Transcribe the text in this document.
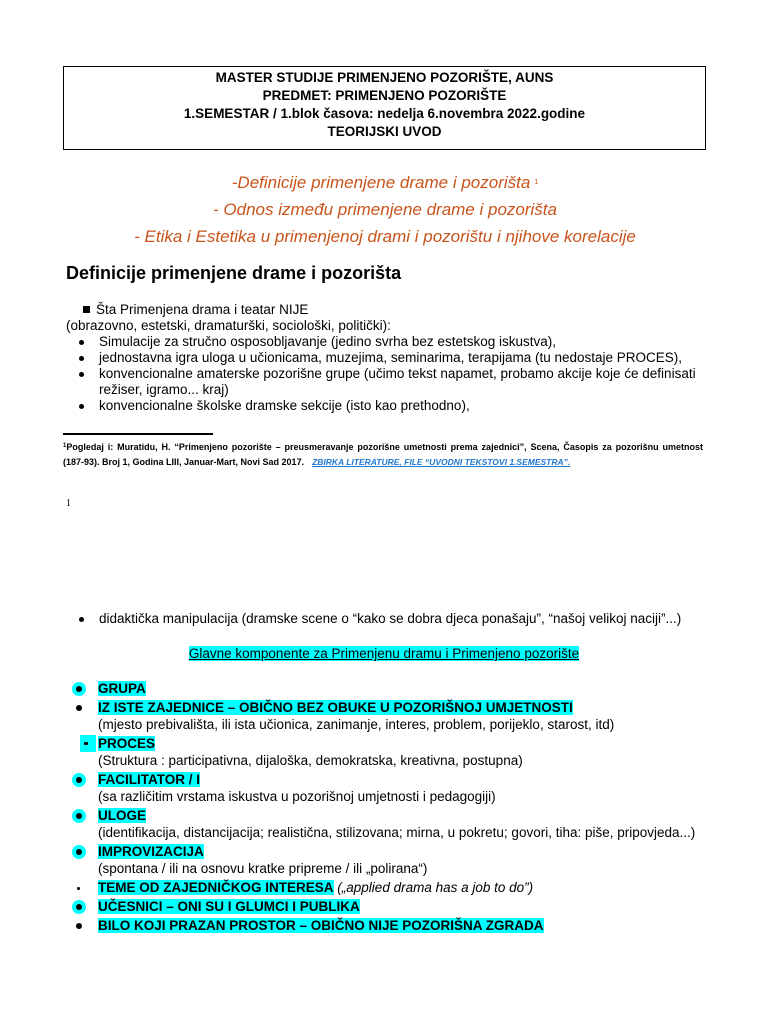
MASTER STUDIJE PRIMENJENO POZORIŠTE, AUNS
PREDMET: PRIMENJENO POZORIŠTE
1.SEMESTAR / 1.blok časova: nedelja 6.novembra 2022.godine
TEORIJSKI UVOD
-Definicije primenjene drame i pozorišta $^1$
- Odnos između primenjene drame i pozorišta
- Etika i Estetika u primenjenoj drami i pozorištu i njihove korelacije
Definicije primenjene drame i pozorišta
Šta Primenjena drama i teatar NIJE
(obrazovno, estetski, dramaturški, sociološki, politički):
Simulacije za stručno osposobljavanje (jedino svrha bez estetskog iskustva),
jednostavna igra uloga u učionicama, muzejima, seminarima, terapijama (tu nedostaje PROCES),
konvencionalne amaterske pozorišne grupe (učimo tekst napamet, probamo akcije koje će definisati režiser, igramo... kraj)
konvencionalne školske dramske sekcije (isto kao prethodno),
$^1$Pogledaj i: Muratidu, H. “Primenjeno pozorište – preusmeravanje pozorišne umetnosti prema zajednici”, Scena, Časopis za pozorišnu umetnost (187-93). Broj 1, Godina LIII, Januar-Mart, Novi Sad 2017. ZBIRKA LITERATURE, FILE “UVODNI TEKSTOVI 1.SEMESTRA”.
1
didaktička manipulacija (dramske scene o “kako se dobra djeca ponašaju”, “našoj velikoj naciji”...)
Glavne komponente za Primenjenu dramu i Primenjeno pozorište
GRUPA
IZ ISTE ZAJEDNICE – OBIČNO BEZ OBUKE U POZORIŠNOJ UMJETNOSTI
(mjesto prebivališta, ili ista učionica, zanimanje, interes, problem, porijeklo, starost, itd)
PROCES
(Struktura : participativna, dijaloška, demokratska, kreativna, postupna)
FACILITATOR / I
(sa različitim vrstama iskustva u pozorišnoj umjetnosti i pedagogiji)
ULOGE
(identifikacija, distancijacija; realistična, stilizovana; mirna, u pokretu; govori, tiha: piše, pripovjeda...)
IMPROVIZACIJA
(spontana / ili na osnovu kratke pripreme / ili „polirana“)
TEME OD ZAJEDNIČKOG INTERESA („applied drama has a job to do”)
UČESNICI – ONI SU I GLUMCI I PUBLIKA
BILO KOJI PRAZAN PROSTOR – OBIČNO NIJE POZORIŠNA ZGRADA
